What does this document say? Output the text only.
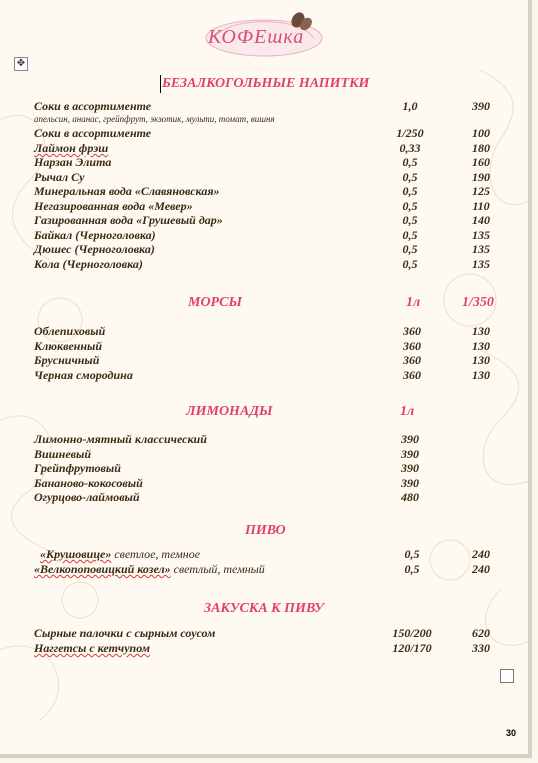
КОФЕшка
✥
БЕЗАЛКОГОЛЬНЫЕ НАПИТКИ
Соки в ассортименте	1,0	390
апельсин, ананас, грейпфрут, экзотик, мульти, томат, вишня
Соки в ассортименте	1/250	100
Лаймон фрэш	0,33	180
Нарзан Элита	0,5	160
Рычал Су	0,5	190
Минеральная вода «Славяновская»	0,5	125
Негазированная вода «Мевер»	0,5	110
Газированная вода «Грушевый дар»	0,5	140
Байкал (Черноголовка)	0,5	135
Дюшес (Черноголовка)	0,5	135
Кола (Черноголовка)	0,5	135
МОРСЫ	1л	1/350
Облепиховый	360	130
Клюквенный	360	130
Брусничный	360	130
Черная смородина	360	130
ЛИМОНАДЫ	1л
Лимонно-мятный классический	390
Вишневый	390
Грейпфрутовый	390
Бананово-кокосовый	390
Огурцово-лаймовый	480
ПИВО
«Крушовице» светлое, темное	0,5	240
«Велкопоповицкий козел» светлый, темный	0,5	240
ЗАКУСКА К ПИВУ
Сырные палочки с сырным соусом	150/200	620
Наггетсы с кетчупом	120/170	330
30
